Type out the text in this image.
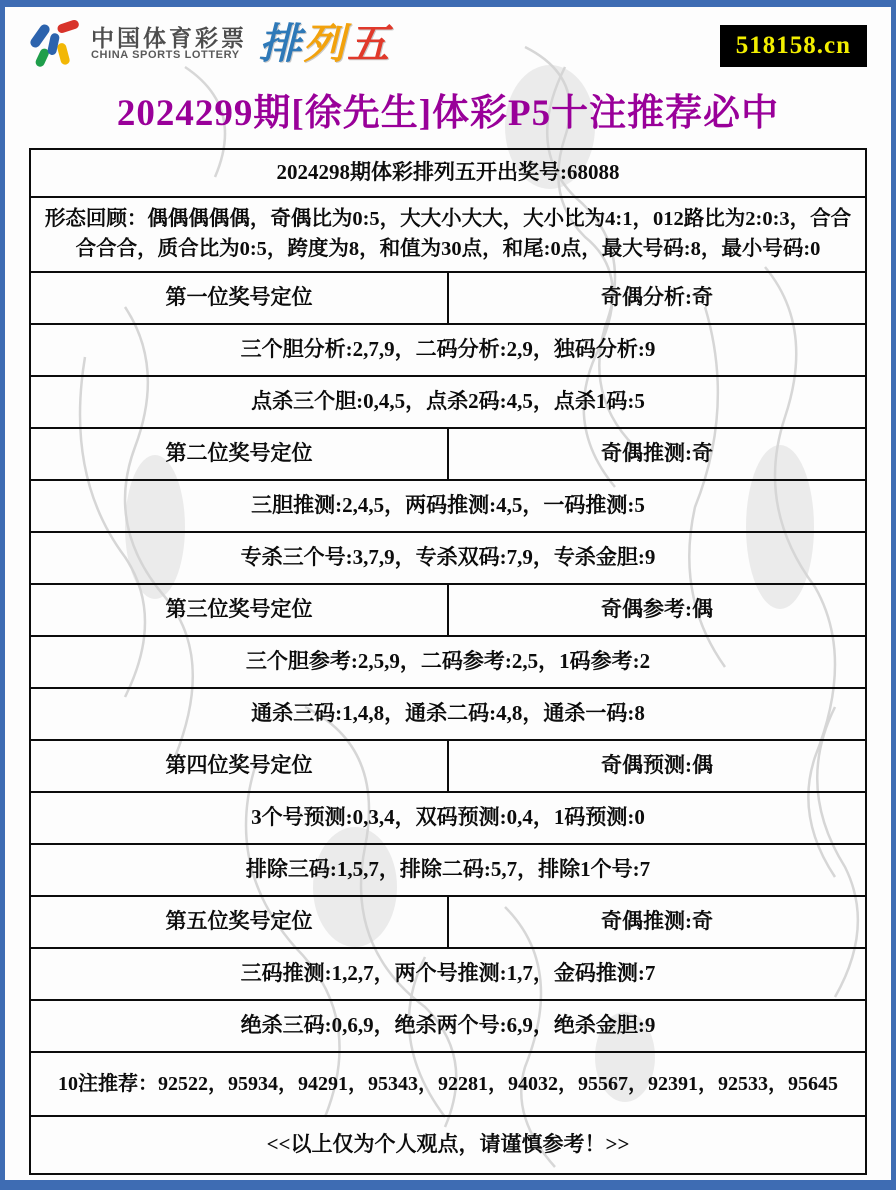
中国体育彩票
CHINA SPORTS LOTTERY 排列五	518158.cn
2024299期[徐先生]体彩P5十注推荐必中
2024298期体彩排列五开出奖号:68088
形态回顾：偶偶偶偶偶，奇偶比为0:5，大大小大大，大小比为4:1，012路比为2:0:3，合合合合合，质合比为0:5，跨度为8，和值为30点，和尾:0点，最大号码:8，最小号码:0
第一位奖号定位	奇偶分析:奇
三个胆分析:2,7,9，二码分析:2,9，独码分析:9
点杀三个胆:0,4,5，点杀2码:4,5，点杀1码:5
第二位奖号定位	奇偶推测:奇
三胆推测:2,4,5，两码推测:4,5，一码推测:5
专杀三个号:3,7,9，专杀双码:7,9，专杀金胆:9
第三位奖号定位	奇偶参考:偶
三个胆参考:2,5,9，二码参考:2,5，1码参考:2
通杀三码:1,4,8，通杀二码:4,8，通杀一码:8
第四位奖号定位	奇偶预测:偶
3个号预测:0,3,4，双码预测:0,4，1码预测:0
排除三码:1,5,7，排除二码:5,7，排除1个号:7
第五位奖号定位	奇偶推测:奇
三码推测:1,2,7，两个号推测:1,7，金码推测:7
绝杀三码:0,6,9，绝杀两个号:6,9，绝杀金胆:9
10注推荐：92522，95934，94291，95343，92281，94032，95567，92391，92533，95645
<<以上仅为个人观点，请谨慎参考！>>
